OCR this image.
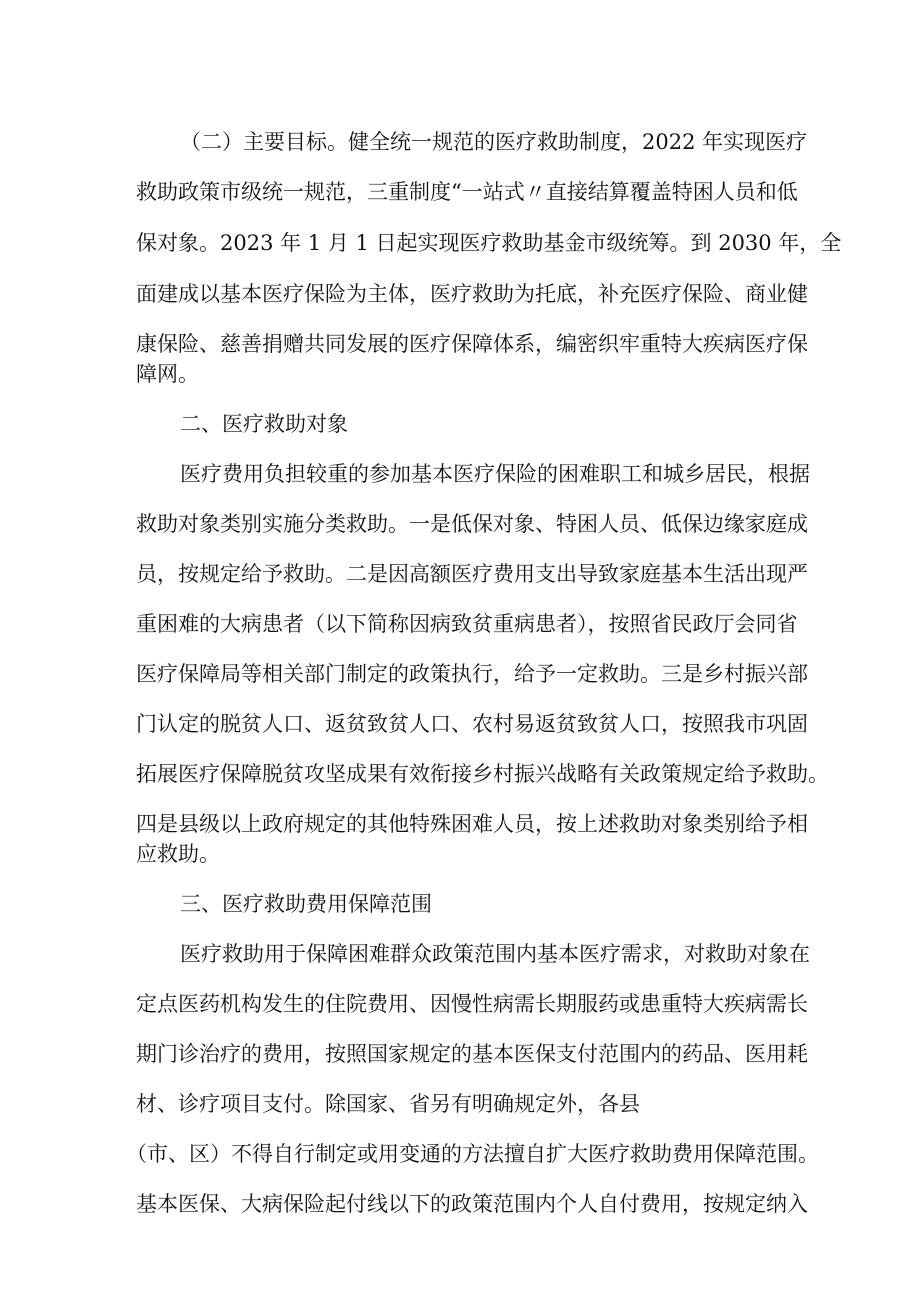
（二）主要目标。健全统一规范的医疗救助制度，2022 年实现医疗

救助政策市级统一规范，三重制度“一站式〃直接结算覆盖特困人员和低

保对象。2023 年 1 月 1 日起实现医疗救助基金市级统筹。到 2030 年，全

面建成以基本医疗保险为主体，医疗救助为托底，补充医疗保险、商业健

康保险、慈善捐赠共同发展的医疗保障体系，编密织牢重特大疾病医疗保

障网。

二、医疗救助对象

医疗费用负担较重的参加基本医疗保险的困难职工和城乡居民，根据

救助对象类别实施分类救助。一是低保对象、特困人员、低保边缘家庭成

员，按规定给予救助。二是因高额医疗费用支出导致家庭基本生活出现严

重困难的大病患者（以下简称因病致贫重病患者），按照省民政厅会同省

医疗保障局等相关部门制定的政策执行，给予一定救助。三是乡村振兴部

门认定的脱贫人口、返贫致贫人口、农村易返贫致贫人口，按照我市巩固

拓展医疗保障脱贫攻坚成果有效衔接乡村振兴战略有关政策规定给予救助。

四是县级以上政府规定的其他特殊困难人员，按上述救助对象类别给予相

应救助。

三、医疗救助费用保障范围

医疗救助用于保障困难群众政策范围内基本医疗需求，对救助对象在

定点医药机构发生的住院费用、因慢性病需长期服药或患重特大疾病需长

期门诊治疗的费用，按照国家规定的基本医保支付范围内的药品、医用耗

材、诊疗项目支付。除国家、省另有明确规定外，各县

（市、区）不得自行制定或用变通的方法擅自扩大医疗救助费用保障范围。

基本医保、大病保险起付线以下的政策范围内个人自付费用，按规定纳入
